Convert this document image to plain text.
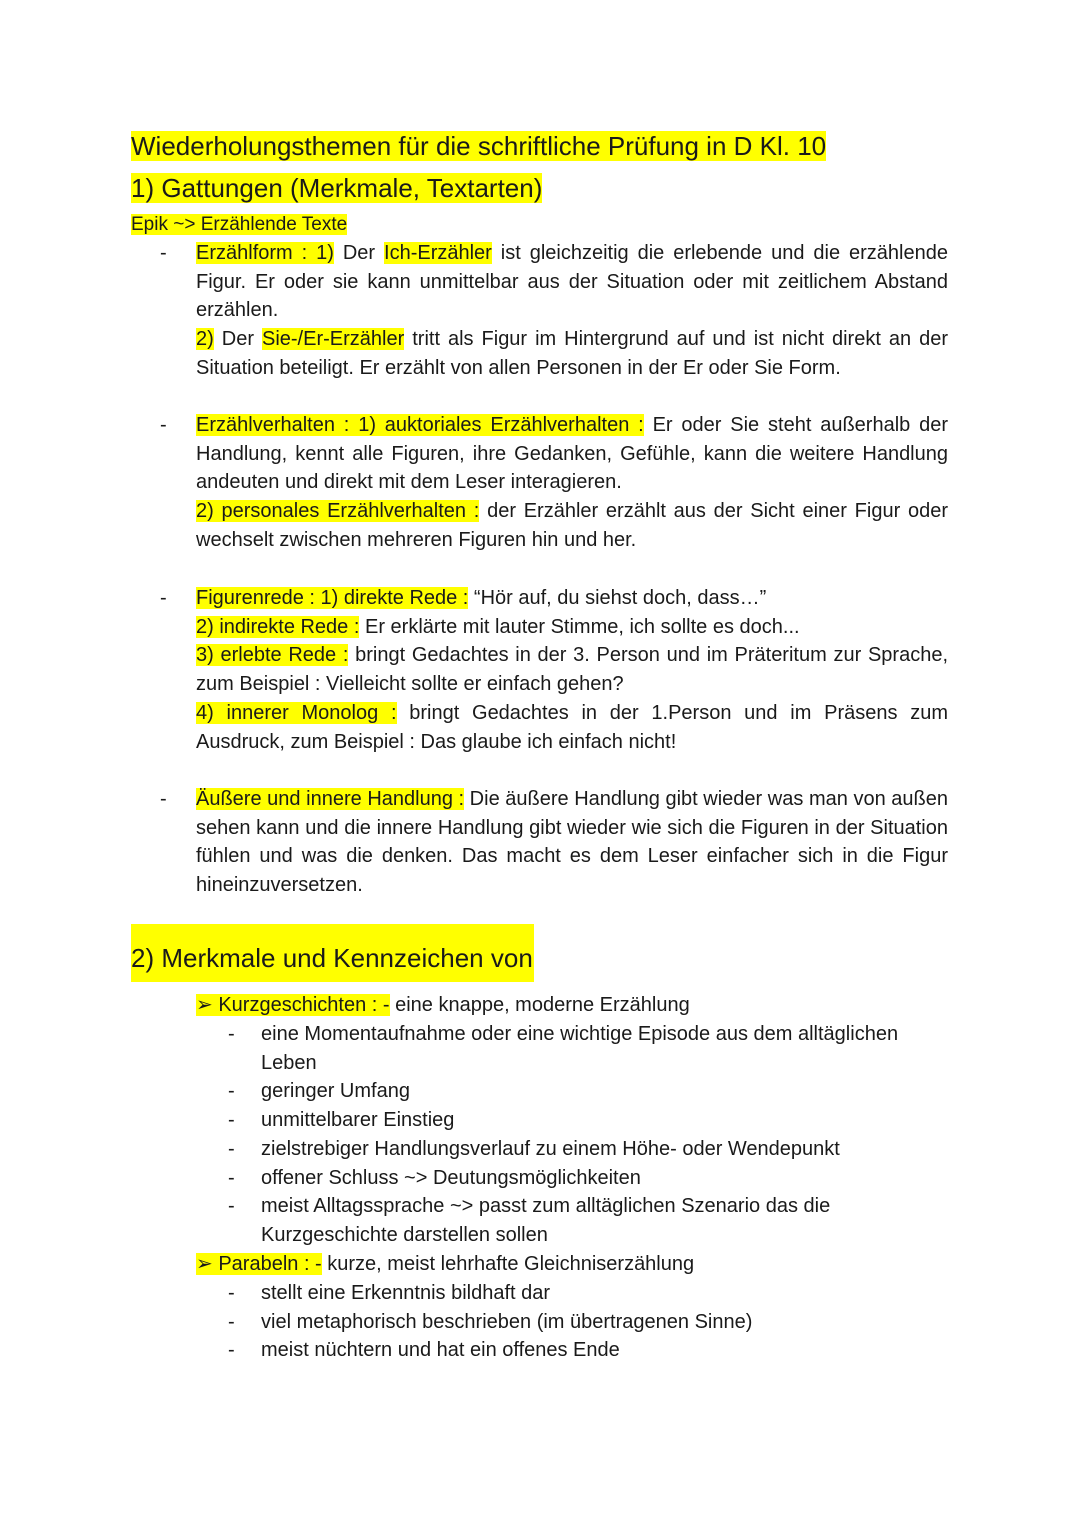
Wiederholungsthemen für die schriftliche Prüfung in D Kl. 10
1) Gattungen (Merkmale, Textarten)
Epik ~> Erzählende Texte
- Erzählform : 1) Der Ich-Erzähler ist gleichzeitig die erlebende und die erzählende Figur. Er oder sie kann unmittelbar aus der Situation oder mit zeitlichem Abstand erzählen.

2) Der Sie-/Er-Erzähler tritt als Figur im Hintergrund auf und ist nicht direkt an der Situation beteiligt. Er erzählt von allen Personen in der Er oder Sie Form.

- Erzählverhalten : 1) auktoriales Erzählverhalten : Er oder Sie steht außerhalb der Handlung, kennt alle Figuren, ihre Gedanken, Gefühle, kann die weitere Handlung andeuten und direkt mit dem Leser interagieren.

2) personales Erzählverhalten : der Erzähler erzählt aus der Sicht einer Figur oder wechselt zwischen mehreren Figuren hin und her.

- Figurenrede : 1) direkte Rede : “Hör auf, du siehst doch, dass…”

2) indirekte Rede : Er erklärte mit lauter Stimme, ich sollte es doch...

3) erlebte Rede : bringt Gedachtes in der 3. Person und im Präteritum zur Sprache, zum Beispiel : Vielleicht sollte er einfach gehen?

4) innerer Monolog : bringt Gedachtes in der 1.Person und im Präsens zum Ausdruck, zum Beispiel : Das glaube ich einfach nicht!

- Äußere und innere Handlung : Die äußere Handlung gibt wieder was man von außen sehen kann und die innere Handlung gibt wieder wie sich die Figuren in der Situation fühlen und was die denken. Das macht es dem Leser einfacher sich in die Figur hineinzuversetzen.

2) Merkmale und Kennzeichen von
➢ Kurzgeschichten : - eine knappe, moderne Erzählung
- eine Momentaufnahme oder eine wichtige Episode aus dem alltäglichen Leben
- geringer Umfang
- unmittelbarer Einstieg
- zielstrebiger Handlungsverlauf zu einem Höhe- oder Wendepunkt
- offener Schluss ~> Deutungsmöglichkeiten
- meist Alltagssprache ~> passt zum alltäglichen Szenario das die Kurzgeschichte darstellen sollen
➢ Parabeln : - kurze, meist lehrhafte Gleichniserzählung
- stellt eine Erkenntnis bildhaft dar
- viel metaphorisch beschrieben (im übertragenen Sinne)
- meist nüchtern und hat ein offenes Ende
